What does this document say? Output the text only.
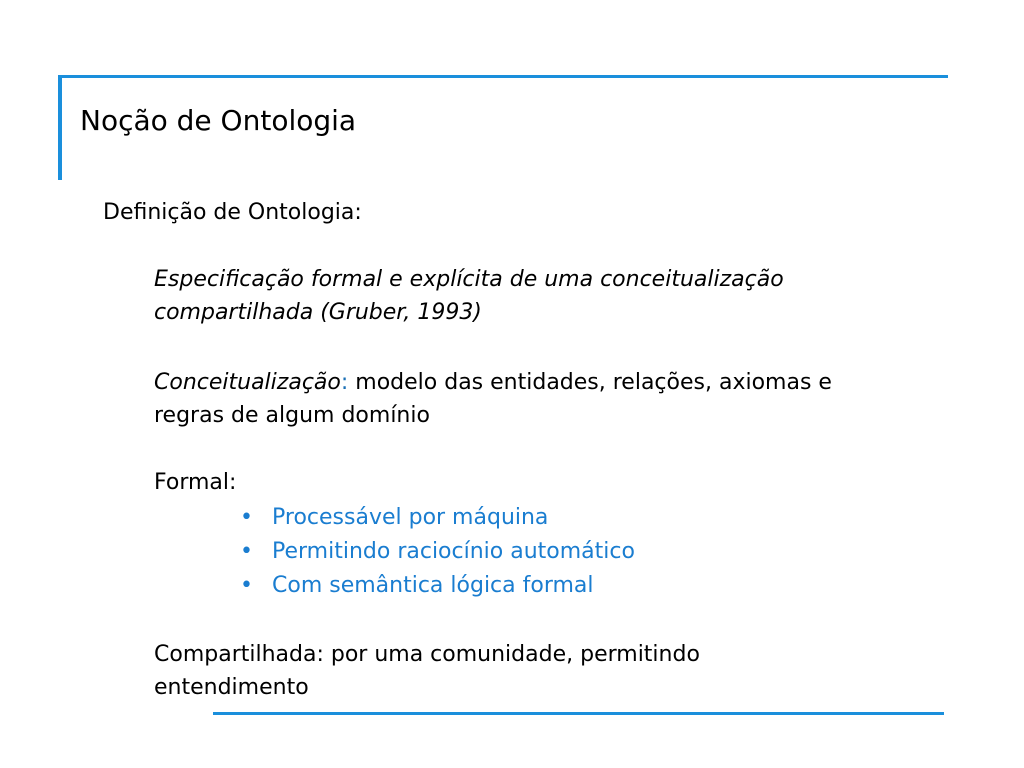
Noção de Ontologia
Definição de Ontologia:
Especificação formal e explícita de uma conceitualização
compartilhada (Gruber, 1993)
Conceitualização: modelo das entidades, relações, axiomas e
regras de algum domínio
Formal:
• Processável por máquina
• Permitindo raciocínio automático
• Com semântica lógica formal
Compartilhada: por uma comunidade, permitindo
entendimento
